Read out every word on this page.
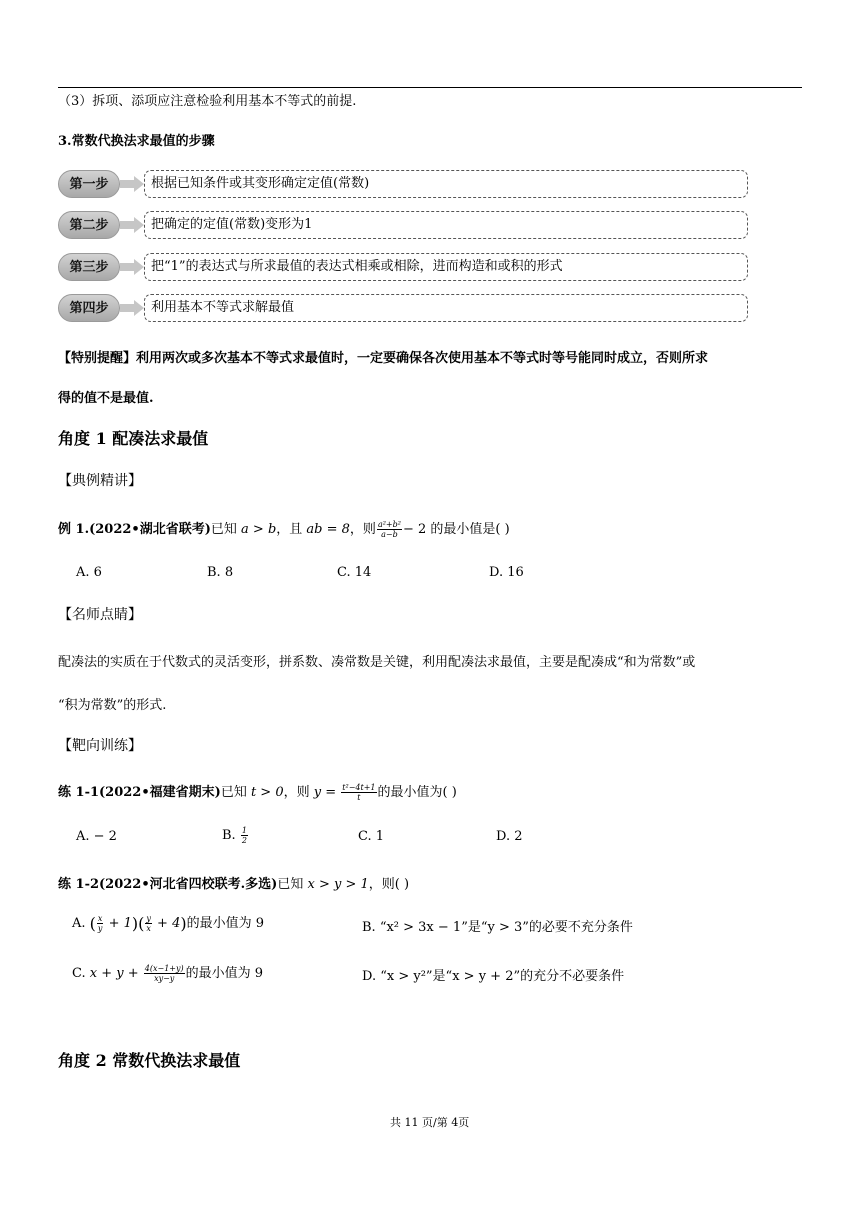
（3）拆项、添项应注意检验利用基本不等式的前提.
3.常数代换法求最值的步骤
第一步	根据已知条件或其变形确定定值(常数)
第二步	把确定的定值(常数)变形为1
第三步	把“1”的表达式与所求最值的表达式相乘或相除，进而构造和或积的形式
第四步	利用基本不等式求解最值
【特别提醒】利用两次或多次基本不等式求最值时，一定要确保各次使用基本不等式时等号能同时成立，否则所求
得的值不是最值.
角度 1 配凑法求最值
【典例精讲】
例 1.(2022•湖北省联考)已知 a > b，且 ab = 8，则 $\frac{\text{a²+b²}}{a-b} - 2$ 的最小值是( )
A. 6	B. 8	C. 14	D. 16
【名师点睛】
配凑法的实质在于代数式的灵活变形，拼系数、凑常数是关键，利用配凑法求最值，主要是配凑成“和为常数”或
“积为常数”的形式.
【靶向训练】
练 1-1(2022•福建省期末)已知 t > 0，则 $y = \frac{\text{t²−4t+1}}{t}$ 的最小值为( )
A. − 2	B. $\frac{1}{2}$	C. 1	D. 2
练 1-2(2022•河北省四校联考.多选)已知 x > y > 1，则( )
A. ( $\frac{x}{y} + 1)( \frac{y}{x} + 4)$的最小值为 9	B. “x² > 3x − 1”是“y > 3”的必要不充分条件
C. $x + y + \frac{4(x-1+y)}{xy-y}$ 的最小值为 9	D. “x > y²”是“x > y + 2”的充分不必要条件
角度 2 常数代换法求最值
共 11 页/第 4页
